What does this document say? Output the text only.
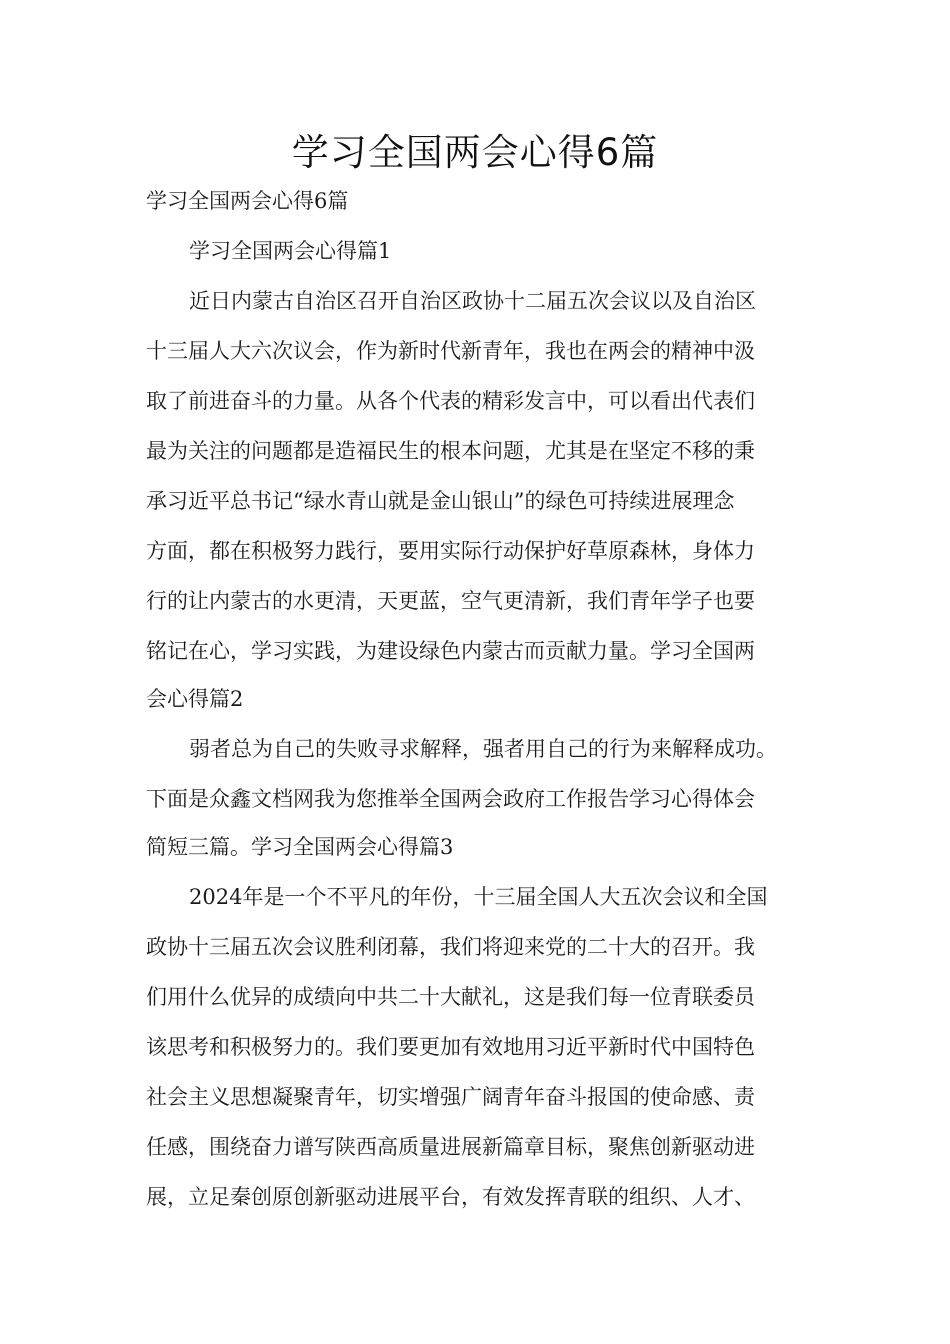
学习全国两会心得6篇
学习全国两会心得6篇
学习全国两会心得篇1
近日内蒙古自治区召开自治区政协十二届五次会议以及自治区
十三届人大六次议会，作为新时代新青年，我也在两会的精神中汲
取了前进奋斗的力量。从各个代表的精彩发言中，可以看出代表们
最为关注的问题都是造福民生的根本问题，尤其是在坚定不移的秉
承习近平总书记“绿水青山就是金山银山”的绿色可持续进展理念
方面，都在积极努力践行，要用实际行动保护好草原森林，身体力
行的让内蒙古的水更清，天更蓝，空气更清新，我们青年学子也要
铭记在心，学习实践，为建设绿色内蒙古而贡献力量。学习全国两
会心得篇2
弱者总为自己的失败寻求解释，强者用自己的行为来解释成功。
下面是众鑫文档网我为您推举全国两会政府工作报告学习心得体会
简短三篇。学习全国两会心得篇3
2024年是一个不平凡的年份，十三届全国人大五次会议和全国
政协十三届五次会议胜利闭幕，我们将迎来党的二十大的召开。我
们用什么优异的成绩向中共二十大献礼，这是我们每一位青联委员
该思考和积极努力的。我们要更加有效地用习近平新时代中国特色
社会主义思想凝聚青年，切实增强广阔青年奋斗报国的使命感、责
任感，围绕奋力谱写陕西高质量进展新篇章目标，聚焦创新驱动进
展，立足秦创原创新驱动进展平台，有效发挥青联的组织、人才、
